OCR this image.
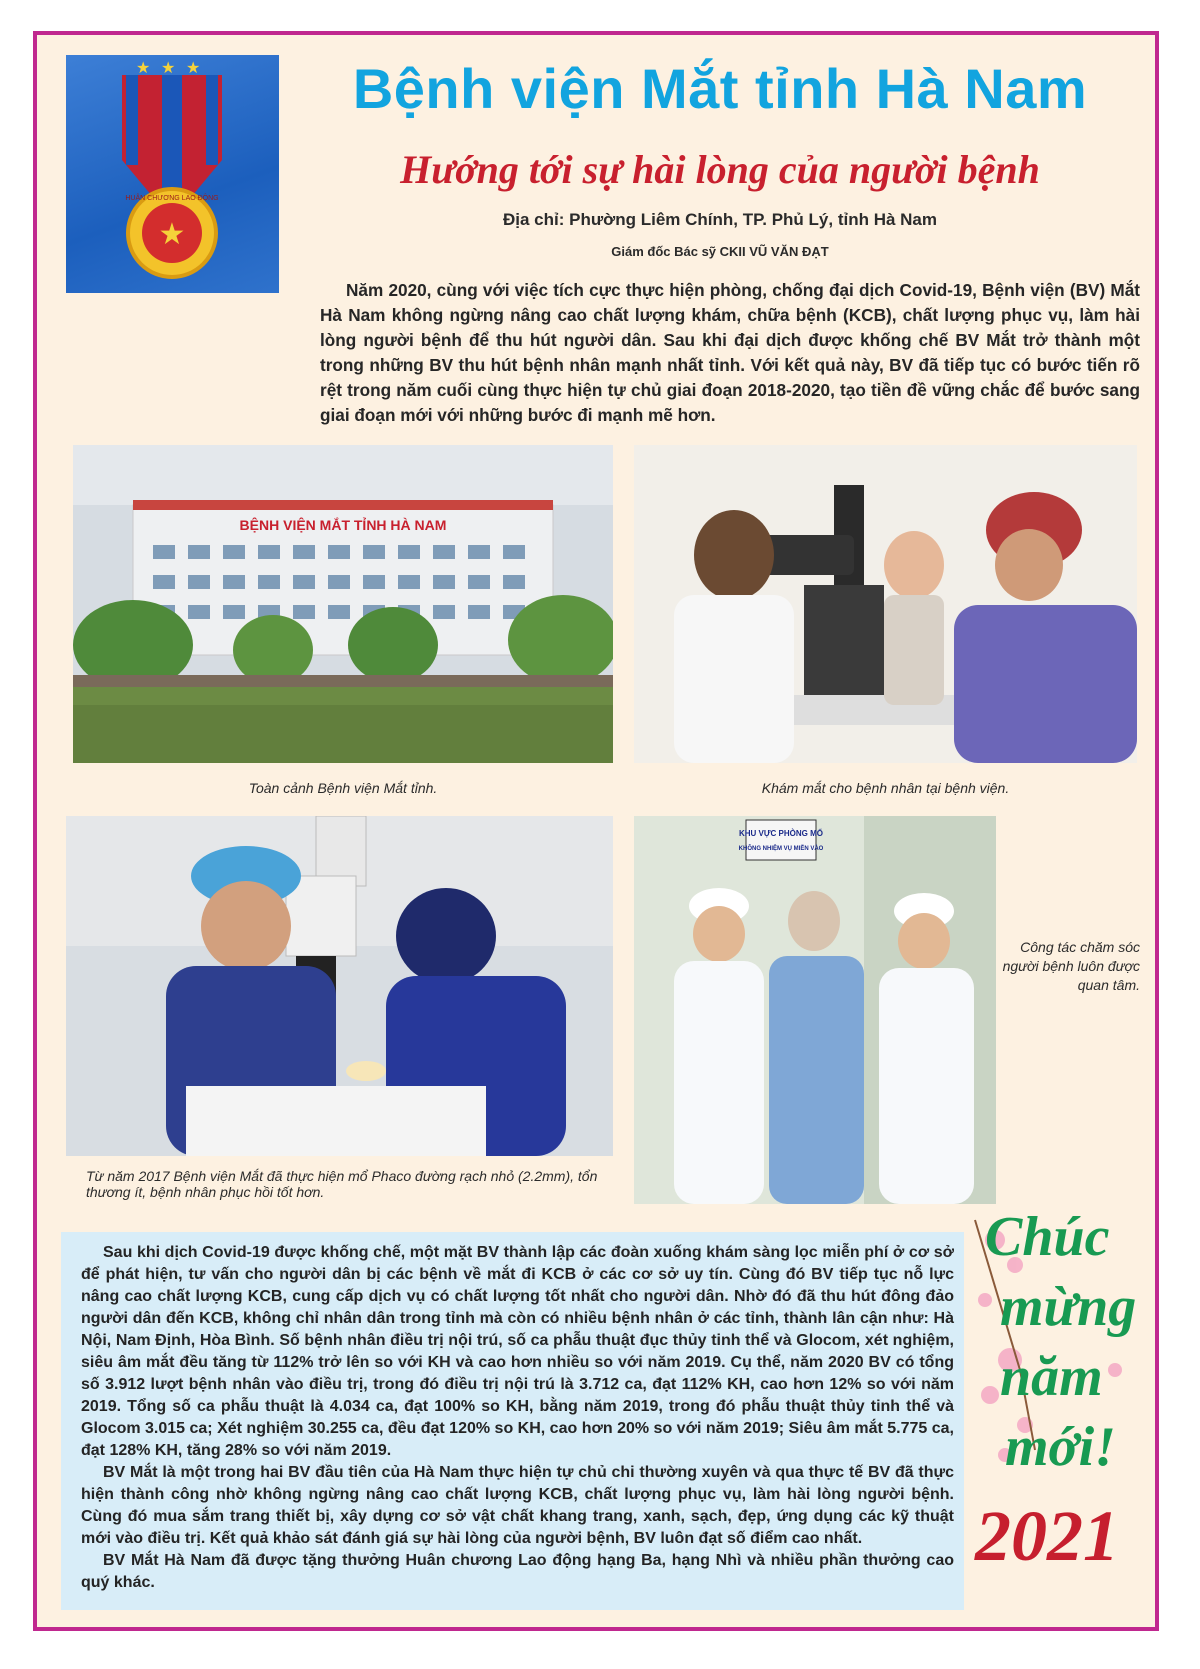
★ ★ ★
★
HUÂN CHƯƠNG LAO ĐỘNG
Bệnh viện Mắt tỉnh Hà Nam
Hướng tới sự hài lòng của người bệnh
Địa chỉ: Phường Liêm Chính, TP. Phủ Lý, tỉnh Hà Nam
Giám đốc Bác sỹ CKII VŨ VĂN ĐẠT
Năm 2020, cùng với việc tích cực thực hiện phòng, chống đại dịch Covid-19, Bệnh viện (BV) Mắt Hà Nam không ngừng nâng cao chất lượng khám, chữa bệnh (KCB), chất lượng phục vụ, làm hài lòng người bệnh để thu hút người dân. Sau khi đại dịch được khống chế BV Mắt trở thành một trong những BV thu hút bệnh nhân mạnh nhất tỉnh. Với kết quả này, BV đã tiếp tục có bước tiến rõ rệt trong năm cuối cùng thực hiện tự chủ giai đoạn 2018-2020, tạo tiền đề vững chắc để bước sang giai đoạn mới với những bước đi mạnh mẽ hơn.
BỆNH VIỆN MẮT TỈNH HÀ NAM
Toàn cảnh Bệnh viện Mắt tỉnh.	Khám mắt cho bệnh nhân tại bệnh viện.
Từ năm 2017 Bệnh viện Mắt đã thực hiện mổ Phaco đường rạch nhỏ (2.2mm), tổn thương ít, bệnh nhân phục hồi tốt hơn.
KHU VỰC PHÒNG MỔ
KHÔNG NHIỆM VỤ MIỄN VÀO
Công tác chăm sóc người bệnh luôn được quan tâm.

Sau khi dịch Covid-19 được khống chế, một mặt BV thành lập các đoàn xuống khám sàng lọc miễn phí ở cơ sở để phát hiện, tư vấn cho người dân bị các bệnh về mắt đi KCB ở các cơ sở uy tín. Cùng đó BV tiếp tục nỗ lực nâng cao chất lượng KCB, cung cấp dịch vụ có chất lượng tốt nhất cho người dân. Nhờ đó đã thu hút đông đảo người dân đến KCB, không chỉ nhân dân trong tỉnh mà còn có nhiều bệnh nhân ở các tỉnh, thành lân cận như: Hà Nội, Nam Định, Hòa Bình. Số bệnh nhân điều trị nội trú, số ca phẫu thuật đục thủy tinh thể và Glocom, xét nghiệm, siêu âm mắt đều tăng từ 112% trở lên so với KH và cao hơn nhiều so với năm 2019. Cụ thể, năm 2020 BV có tổng số 3.912 lượt bệnh nhân vào điều trị, trong đó điều trị nội trú là 3.712 ca, đạt 112% KH, cao hơn 12% so với năm 2019. Tổng số ca phẫu thuật là 4.034 ca, đạt 100% so KH, bằng năm 2019, trong đó phẫu thuật thủy tinh thể và Glocom 3.015 ca; Xét nghiệm 30.255 ca, đều đạt 120% so KH, cao hơn 20% so với năm 2019; Siêu âm mắt 5.775 ca, đạt 128% KH, tăng 28% so với năm 2019.

BV Mắt là một trong hai BV đầu tiên của Hà Nam thực hiện tự chủ chi thường xuyên và qua thực tế BV đã thực hiện thành công nhờ không ngừng nâng cao chất lượng KCB, chất lượng phục vụ, làm hài lòng người bệnh. Cùng đó mua sắm trang thiết bị, xây dựng cơ sở vật chất khang trang, xanh, sạch, đẹp, ứng dụng các kỹ thuật mới vào điều trị. Kết quả khảo sát đánh giá sự hài lòng của người bệnh, BV luôn đạt số điểm cao nhất.

BV Mắt Hà Nam đã được tặng thưởng Huân chương Lao động hạng Ba, hạng Nhì và nhiều phần thưởng cao quý khác.

Chúc
mừng
năm
mới!
2021
